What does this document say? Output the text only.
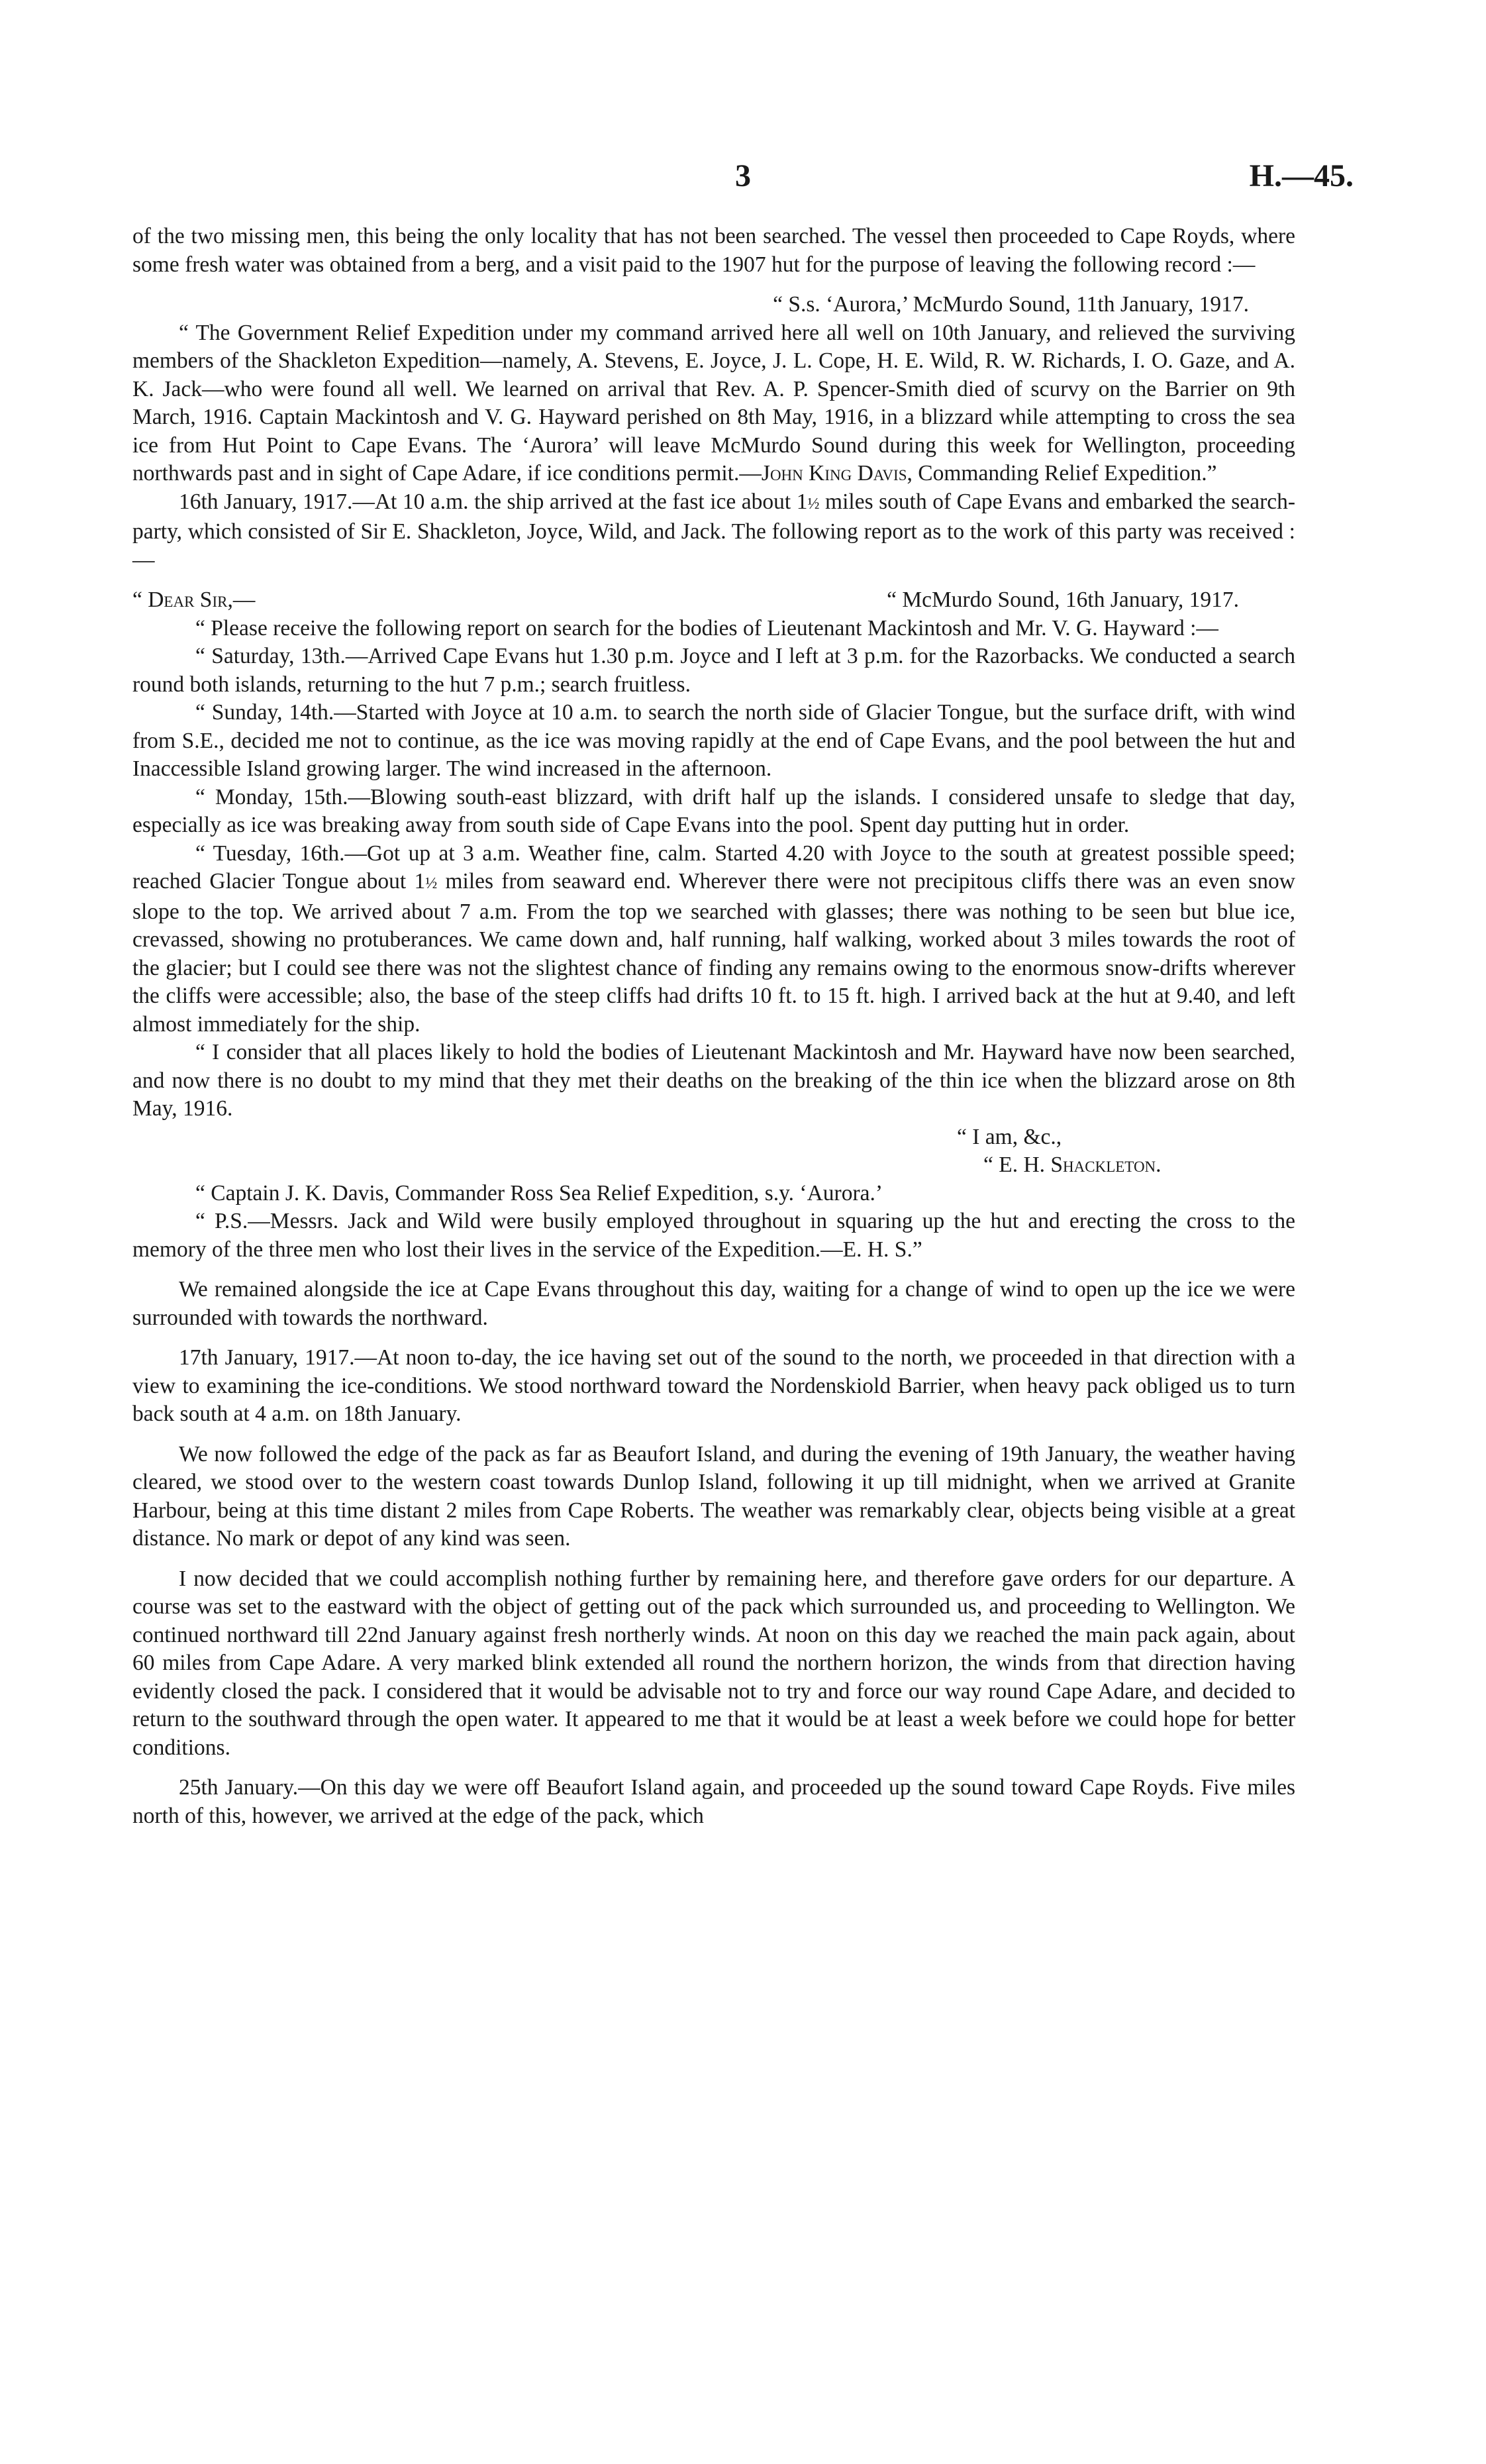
3	H.—45.

of the two missing men, this being the only locality that has not been searched. The vessel then proceeded to Cape Royds, where some fresh water was obtained from a berg, and a visit paid to the 1907 hut for the purpose of leaving the following record :—

“ S.s. ‘Aurora,’ McMurdo Sound, 11th January, 1917.

“ The Government Relief Expedition under my command arrived here all well on 10th January, and relieved the surviving members of the Shackleton Expedition—namely, A. Stevens, E. Joyce, J. L. Cope, H. E. Wild, R. W. Richards, I. O. Gaze, and A. K. Jack—who were found all well. We learned on arrival that Rev. A. P. Spencer-Smith died of scurvy on the Barrier on 9th March, 1916. Captain Mackintosh and V. G. Hayward perished on 8th May, 1916, in a blizzard while attempting to cross the sea ice from Hut Point to Cape Evans. The ‘Aurora’ will leave McMurdo Sound during this week for Wellington, proceeding northwards past and in sight of Cape Adare, if ice conditions permit.—John King Davis, Commanding Relief Expedition.”

16th January, 1917.—At 10 a.m. the ship arrived at the fast ice about 1½ miles south of Cape Evans and embarked the search-party, which consisted of Sir E. Shackleton, Joyce, Wild, and Jack. The following report as to the work of this party was received :—

“ Dear Sir,—	“ McMurdo Sound, 16th January, 1917.

“ Please receive the following report on search for the bodies of Lieutenant Mackintosh and Mr. V. G. Hayward :—

“ Saturday, 13th.—Arrived Cape Evans hut 1.30 p.m. Joyce and I left at 3 p.m. for the Razorbacks. We conducted a search round both islands, returning to the hut 7 p.m.; search fruitless.

“ Sunday, 14th.—Started with Joyce at 10 a.m. to search the north side of Glacier Tongue, but the surface drift, with wind from S.E., decided me not to continue, as the ice was moving rapidly at the end of Cape Evans, and the pool between the hut and Inaccessible Island growing larger. The wind increased in the afternoon.

“ Monday, 15th.—Blowing south-east blizzard, with drift half up the islands. I considered unsafe to sledge that day, especially as ice was breaking away from south side of Cape Evans into the pool. Spent day putting hut in order.

“ Tuesday, 16th.—Got up at 3 a.m. Weather fine, calm. Started 4.20 with Joyce to the south at greatest possible speed; reached Glacier Tongue about 1½ miles from seaward end. Wherever there were not precipitous cliffs there was an even snow slope to the top. We arrived about 7 a.m. From the top we searched with glasses; there was nothing to be seen but blue ice, crevassed, showing no protuberances. We came down and, half running, half walking, worked about 3 miles towards the root of the glacier; but I could see there was not the slightest chance of finding any remains owing to the enormous snow-drifts wherever the cliffs were accessible; also, the base of the steep cliffs had drifts 10 ft. to 15 ft. high. I arrived back at the hut at 9.40, and left almost immediately for the ship.

“ I consider that all places likely to hold the bodies of Lieutenant Mackintosh and Mr. Hayward have now been searched, and now there is no doubt to my mind that they met their deaths on the breaking of the thin ice when the blizzard arose on 8th May, 1916.

“ I am, &c.,

“ E. H. Shackleton.

“ Captain J. K. Davis, Commander Ross Sea Relief Expedition, s.y. ‘Aurora.’

“ P.S.—Messrs. Jack and Wild were busily employed throughout in squaring up the hut and erecting the cross to the memory of the three men who lost their lives in the service of the Expedition.—E. H. S.”

We remained alongside the ice at Cape Evans throughout this day, waiting for a change of wind to open up the ice we were surrounded with towards the northward.

17th January, 1917.—At noon to-day, the ice having set out of the sound to the north, we proceeded in that direction with a view to examining the ice-conditions. We stood northward toward the Nordenskiold Barrier, when heavy pack obliged us to turn back south at 4 a.m. on 18th January.

We now followed the edge of the pack as far as Beaufort Island, and during the evening of 19th January, the weather having cleared, we stood over to the western coast towards Dunlop Island, following it up till midnight, when we arrived at Granite Harbour, being at this time distant 2 miles from Cape Roberts. The weather was remarkably clear, objects being visible at a great distance. No mark or depot of any kind was seen.

I now decided that we could accomplish nothing further by remaining here, and therefore gave orders for our departure. A course was set to the eastward with the object of getting out of the pack which surrounded us, and proceeding to Wellington. We continued northward till 22nd January against fresh northerly winds. At noon on this day we reached the main pack again, about 60 miles from Cape Adare. A very marked blink extended all round the northern horizon, the winds from that direction having evidently closed the pack. I considered that it would be advisable not to try and force our way round Cape Adare, and decided to return to the southward through the open water. It appeared to me that it would be at least a week before we could hope for better conditions.

25th January.—On this day we were off Beaufort Island again, and proceeded up the sound toward Cape Royds. Five miles north of this, however, we arrived at the edge of the pack, which
